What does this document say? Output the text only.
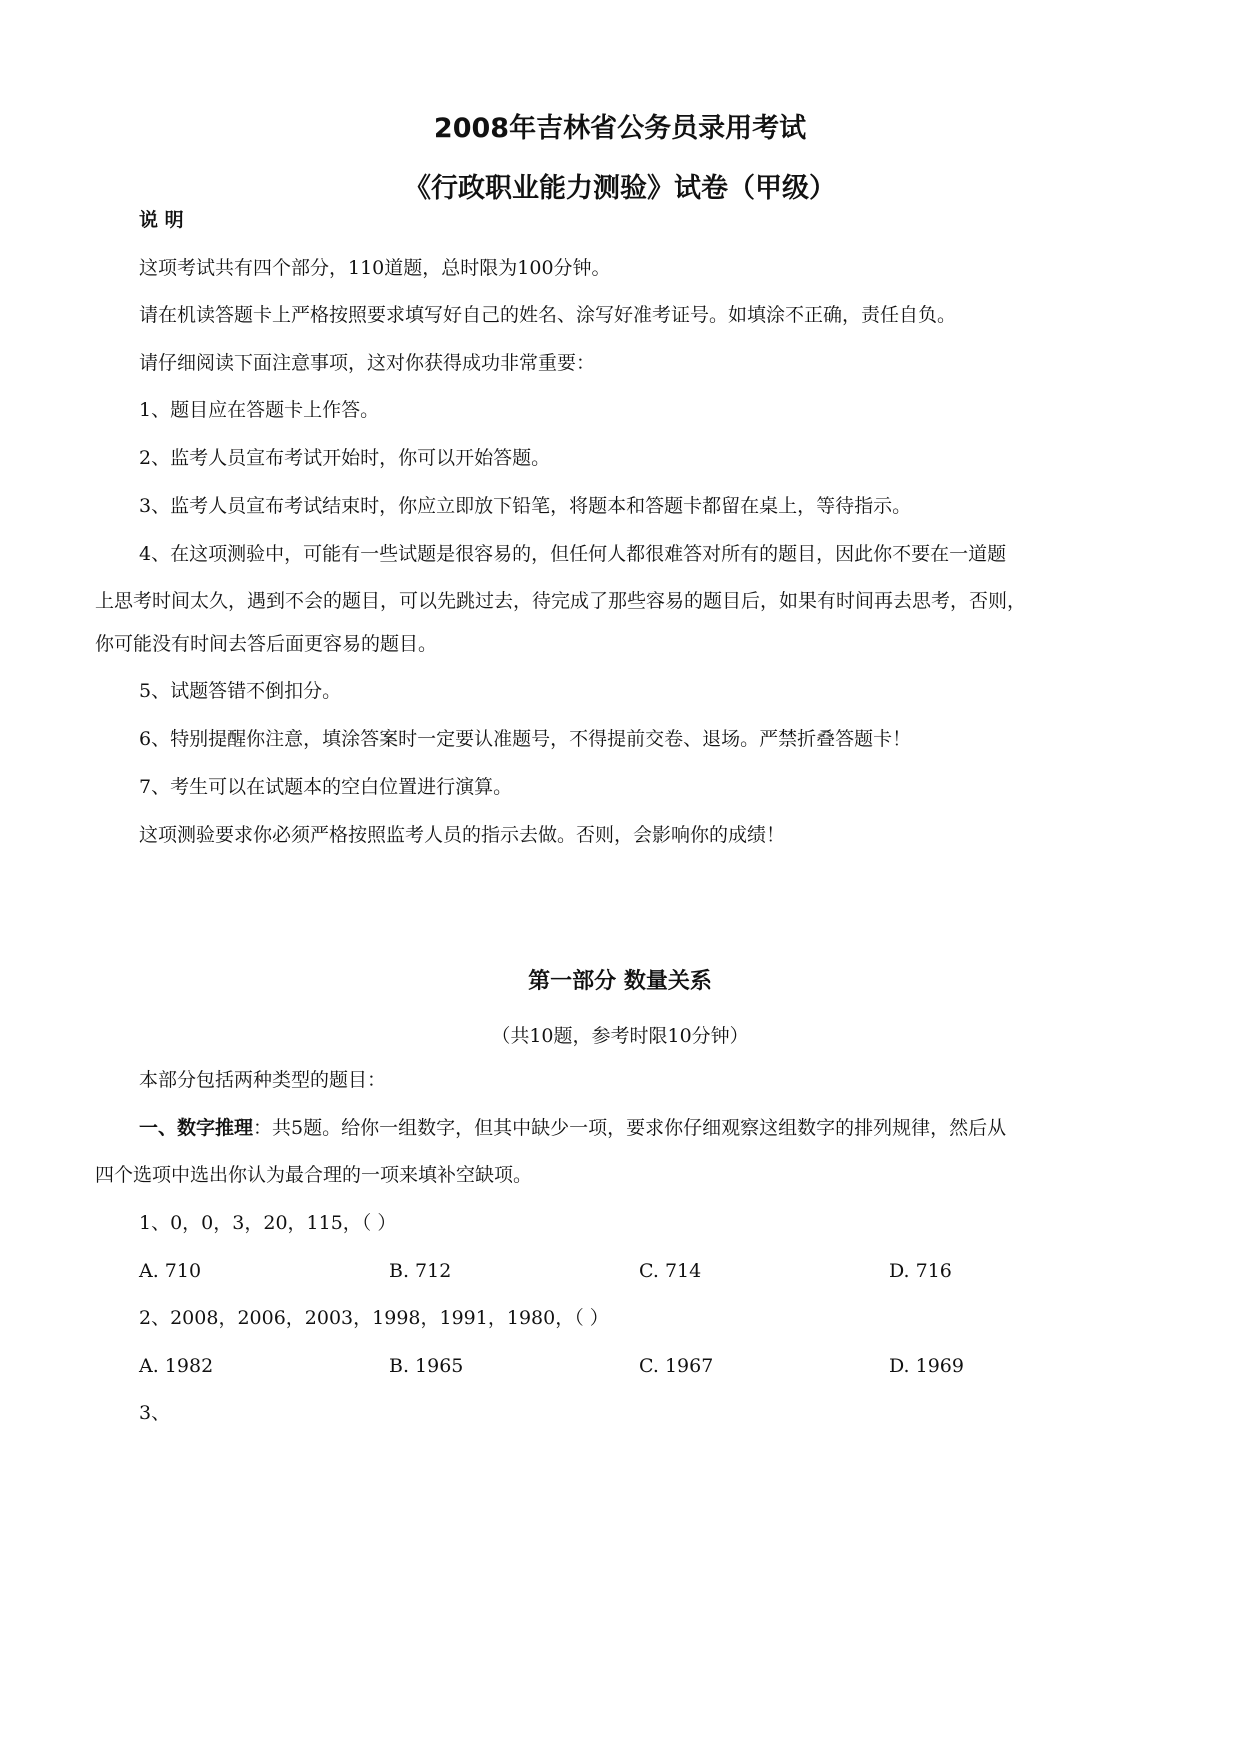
2008年吉林省公务员录用考试
《行政职业能力测验》试卷（甲级）
说 明
这项考试共有四个部分，110道题，总时限为100分钟。
请在机读答题卡上严格按照要求填写好自己的姓名、涂写好准考证号。如填涂不正确，责任自负。
请仔细阅读下面注意事项，这对你获得成功非常重要：
1、题目应在答题卡上作答。
2、监考人员宣布考试开始时，你可以开始答题。
3、监考人员宣布考试结束时，你应立即放下铅笔，将题本和答题卡都留在桌上，等待指示。
4、在这项测验中，可能有一些试题是很容易的，但任何人都很难答对所有的题目，因此你不要在一道题
上思考时间太久，遇到不会的题目，可以先跳过去，待完成了那些容易的题目后，如果有时间再去思考，否则，
你可能没有时间去答后面更容易的题目。
5、试题答错不倒扣分。
6、特别提醒你注意，填涂答案时一定要认准题号，不得提前交卷、退场。严禁折叠答题卡！
7、考生可以在试题本的空白位置进行演算。
这项测验要求你必须严格按照监考人员的指示去做。否则，会影响你的成绩！
第一部分 数量关系
（共10题，参考时限10分钟）
本部分包括两种类型的题目：
一、数字推理：共5题。给你一组数字，但其中缺少一项，要求你仔细观察这组数字的排列规律，然后从
四个选项中选出你认为最合理的一项来填补空缺项。
1、0，0，3，20，115，（ ）
A. 710	B. 712	C. 714	D. 716
2、2008，2006，2003，1998，1991，1980，（ ）
A. 1982	B. 1965	C. 1967	D. 1969
3、
